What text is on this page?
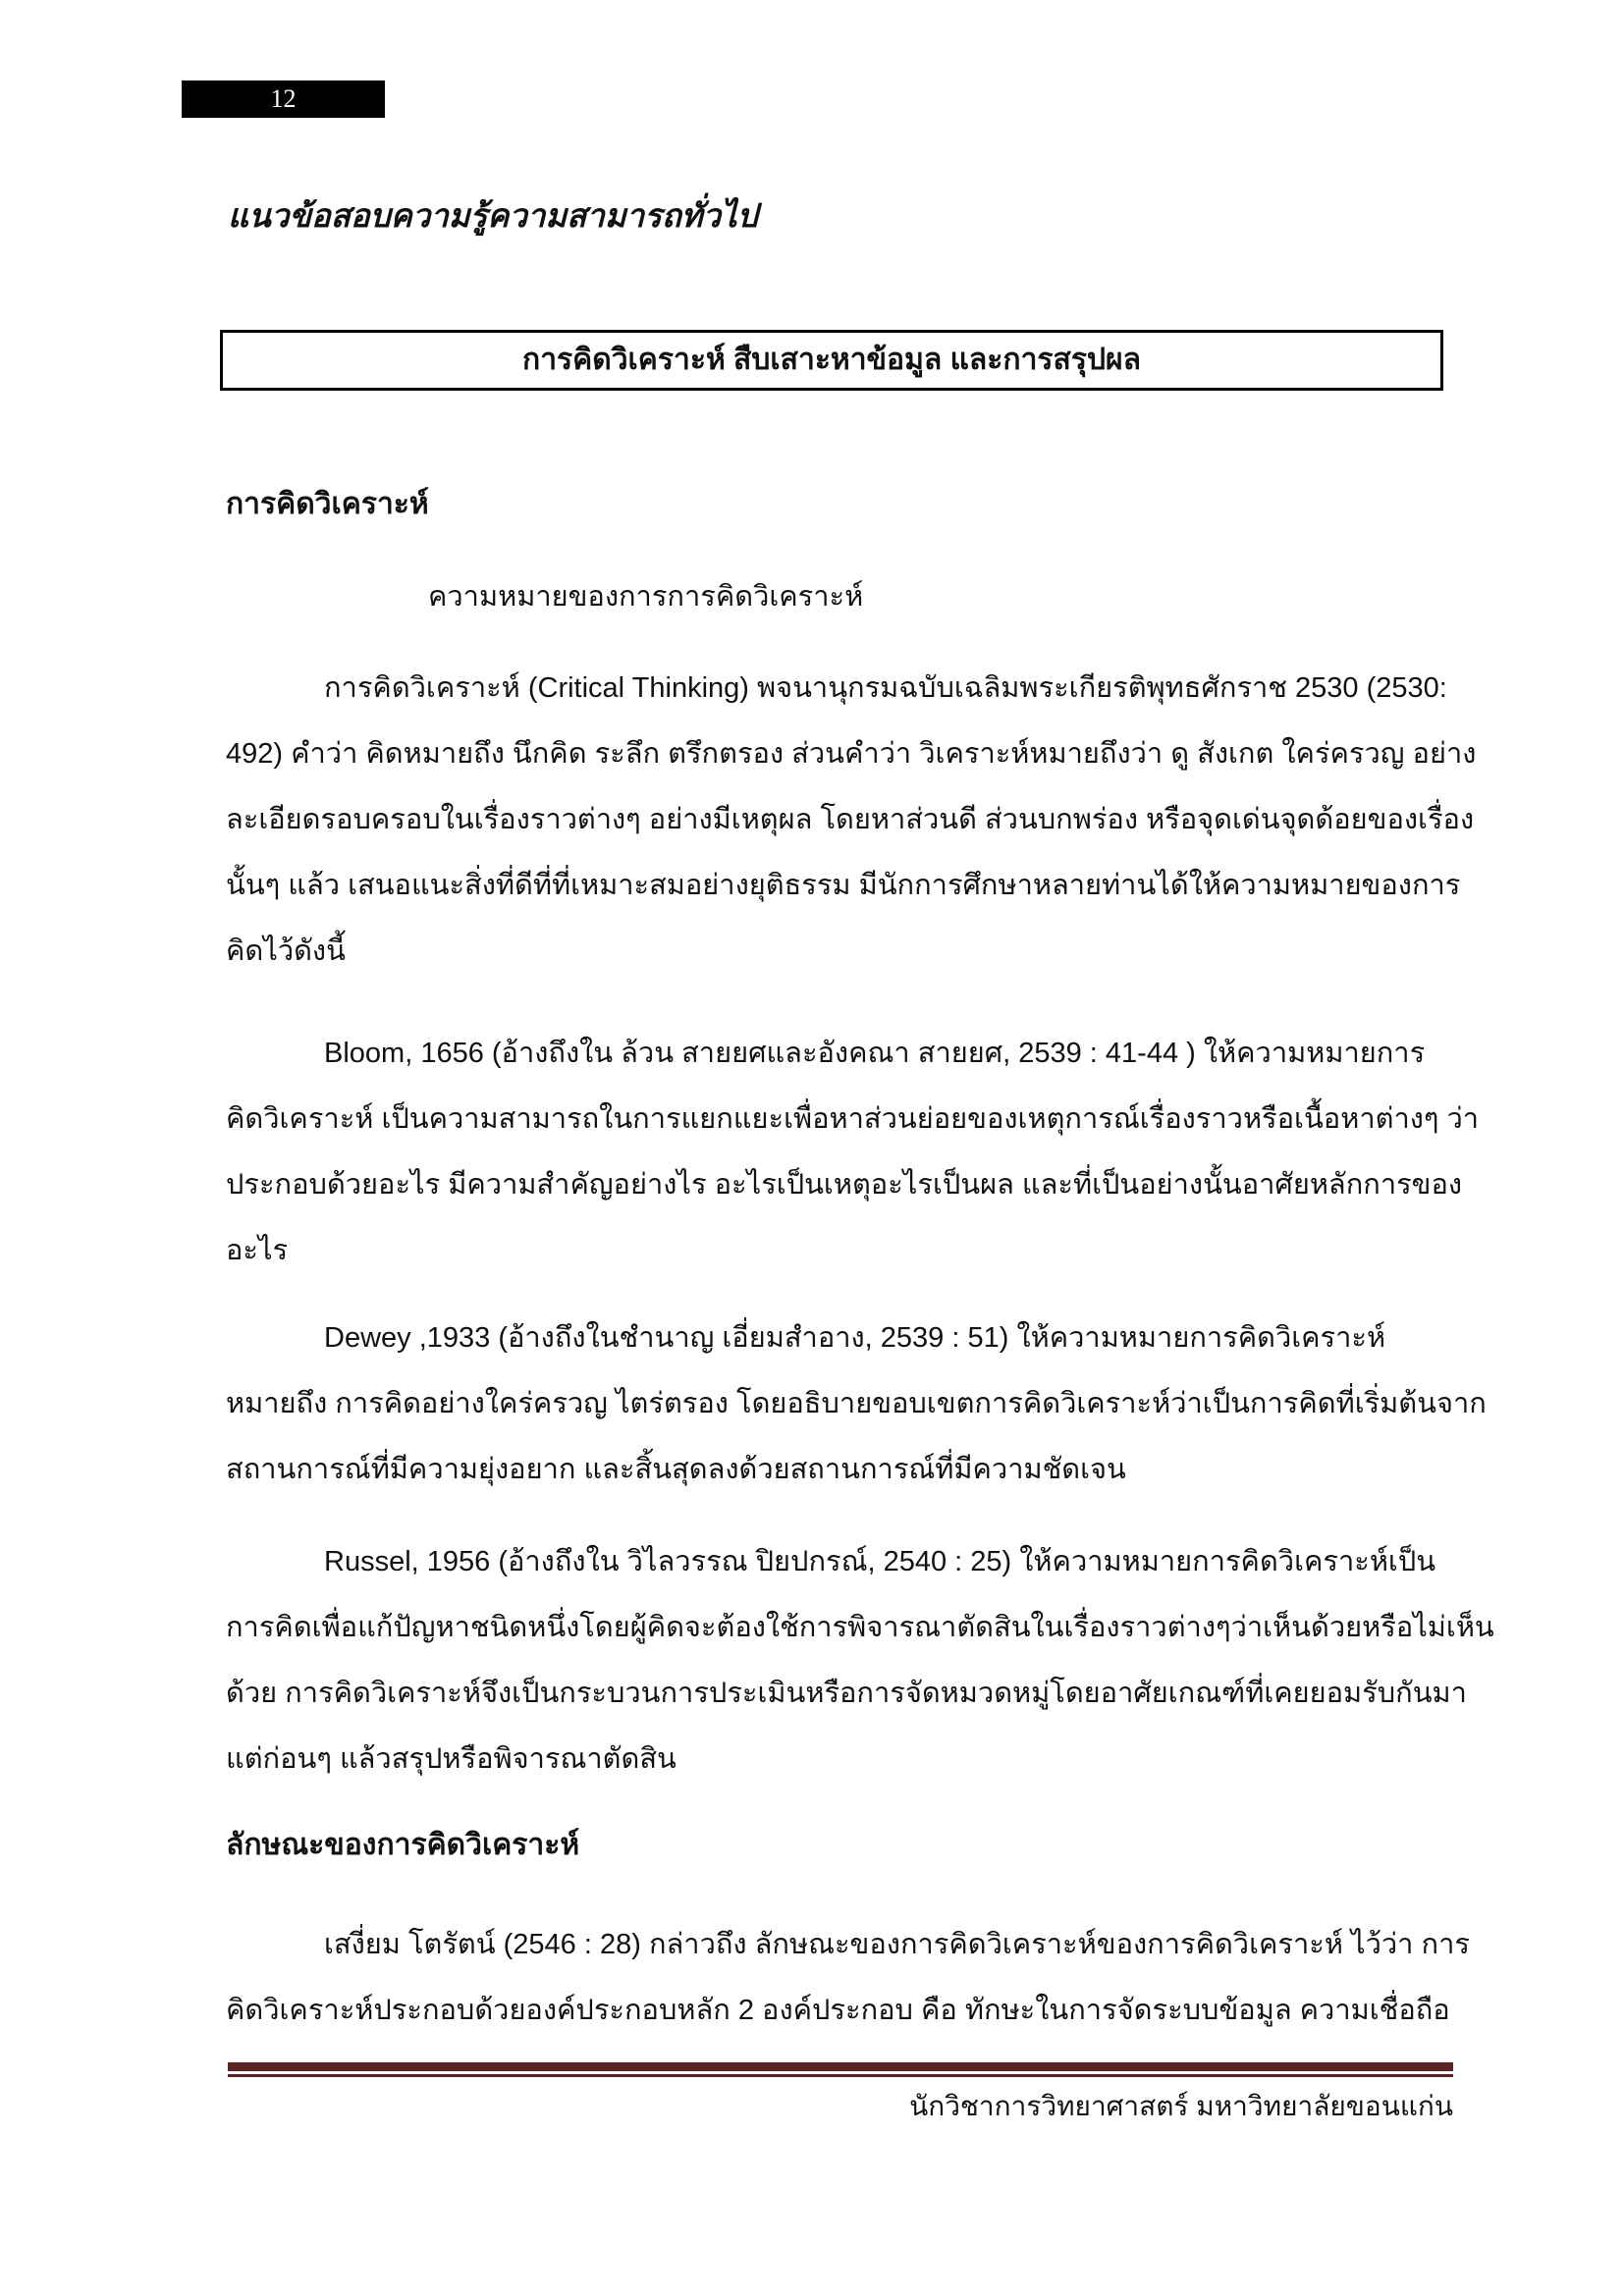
12
แนวข้อสอบความรู้ความสามารถทั่วไป
การคิดวิเคราะห์ สืบเสาะหาข้อมูล และการสรุปผล
การคิดวิเคราะห์
ความหมายของการการคิดวิเคราะห์
การคิดวิเคราะห์ (Critical Thinking) พจนานุกรมฉบับเฉลิมพระเกียรติพุทธศักราช 2530 (2530:
492) คำว่า คิดหมายถึง นึกคิด ระลึก ตรึกตรอง ส่วนคำว่า วิเคราะห์หมายถึงว่า ดู สังเกต ใคร่ครวญ อย่าง
ละเอียดรอบครอบในเรื่องราวต่างๆ อย่างมีเหตุผล โดยหาส่วนดี ส่วนบกพร่อง หรือจุดเด่นจุดด้อยของเรื่อง
นั้นๆ แล้ว เสนอแนะสิ่งที่ดีที่ที่เหมาะสมอย่างยุติธรรม มีนักการศึกษาหลายท่านได้ให้ความหมายของการ
คิดไว้ดังนี้
Bloom, 1656 (อ้างถึงใน ล้วน สายยศและอังคณา สายยศ, 2539 : 41-44 ) ให้ความหมายการ
คิดวิเคราะห์ เป็นความสามารถในการแยกแยะเพื่อหาส่วนย่อยของเหตุการณ์เรื่องราวหรือเนื้อหาต่างๆ ว่า
ประกอบด้วยอะไร มีความสำคัญอย่างไร อะไรเป็นเหตุอะไรเป็นผล และที่เป็นอย่างนั้นอาศัยหลักการของ
อะไร
Dewey ,1933 (อ้างถึงในชำนาญ เอี่ยมสำอาง, 2539 : 51) ให้ความหมายการคิดวิเคราะห์
หมายถึง การคิดอย่างใคร่ครวญ ไตร่ตรอง โดยอธิบายขอบเขตการคิดวิเคราะห์ว่าเป็นการคิดที่เริ่มต้นจาก
สถานการณ์ที่มีความยุ่งอยาก และสิ้นสุดลงด้วยสถานการณ์ที่มีความชัดเจน
Russel, 1956 (อ้างถึงใน วิไลวรรณ ปิยปกรณ์, 2540 : 25) ให้ความหมายการคิดวิเคราะห์เป็น
การคิดเพื่อแก้ปัญหาชนิดหนึ่งโดยผู้คิดจะต้องใช้การพิจารณาตัดสินในเรื่องราวต่างๆว่าเห็นด้วยหรือไม่เห็น
ด้วย การคิดวิเคราะห์จึงเป็นกระบวนการประเมินหรือการจัดหมวดหมู่โดยอาศัยเกณฑ์ที่เคยยอมรับกันมา
แต่ก่อนๆ แล้วสรุปหรือพิจารณาตัดสิน
ลักษณะของการคิดวิเคราะห์
เสงี่ยม โตรัตน์ (2546 : 28) กล่าวถึง ลักษณะของการคิดวิเคราะห์ของการคิดวิเคราะห์ ไว้ว่า การ
คิดวิเคราะห์ประกอบด้วยองค์ประกอบหลัก 2 องค์ประกอบ คือ ทักษะในการจัดระบบข้อมูล ความเชื่อถือ
นักวิชาการวิทยาศาสตร์ มหาวิทยาลัยขอนแก่น
